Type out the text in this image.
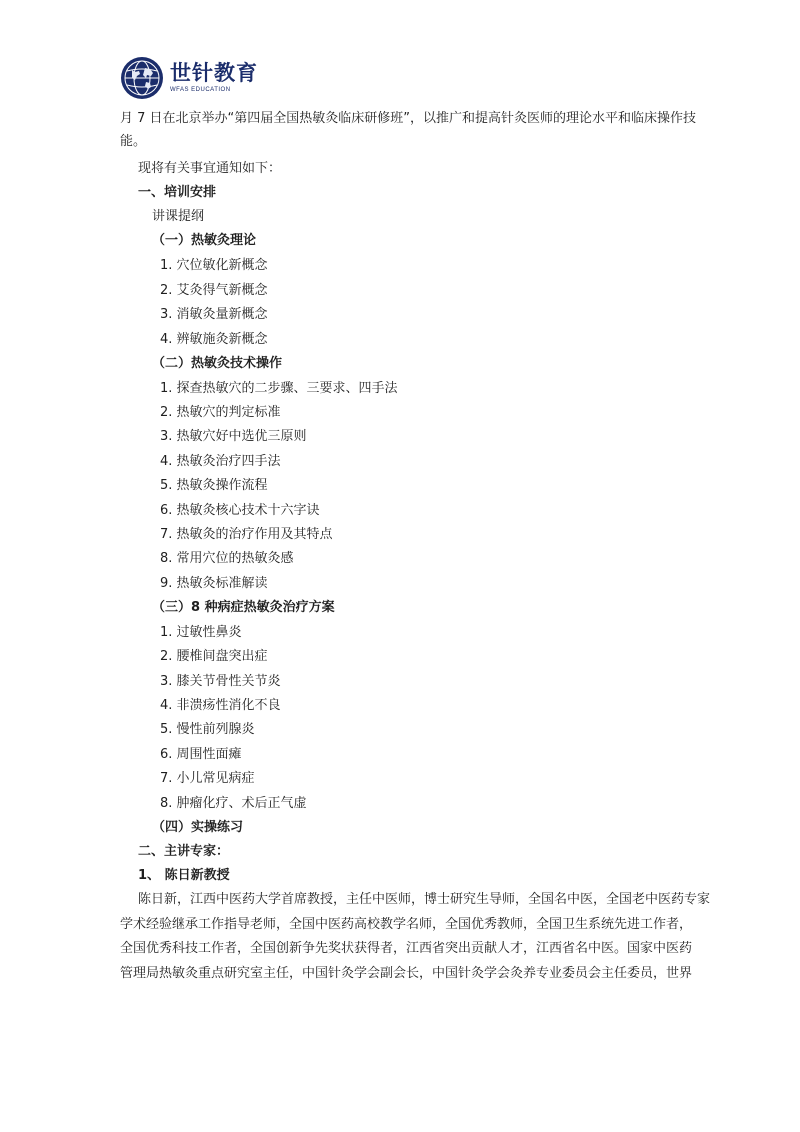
世针教育
WFAS EDUCATION
月 7 日在北京举办“第四届全国热敏灸临床研修班”，以推广和提高针灸医师的理论水平和临床操作技
能。
现将有关事宜通知如下：
一、培训安排
讲课提纲
（一）热敏灸理论
1. 穴位敏化新概念
2. 艾灸得气新概念
3. 消敏灸量新概念
4. 辨敏施灸新概念
（二）热敏灸技术操作
1. 探查热敏穴的二步骤、三要求、四手法
2. 热敏穴的判定标准
3. 热敏穴好中选优三原则
4. 热敏灸治疗四手法
5. 热敏灸操作流程
6. 热敏灸核心技术十六字诀
7. 热敏灸的治疗作用及其特点
8. 常用穴位的热敏灸感
9. 热敏灸标准解读
（三）8 种病症热敏灸治疗方案
1. 过敏性鼻炎
2. 腰椎间盘突出症
3. 膝关节骨性关节炎
4. 非溃疡性消化不良
5. 慢性前列腺炎
6. 周围性面瘫
7. 小儿常见病症
8. 肿瘤化疗、术后正气虚
（四）实操练习
二、主讲专家：
1、 陈日新教授
陈日新，江西中医药大学首席教授，主任中医师，博士研究生导师，全国名中医，全国老中医药专家
学术经验继承工作指导老师，全国中医药高校教学名师，全国优秀教师，全国卫生系统先进工作者，
全国优秀科技工作者，全国创新争先奖状获得者，江西省突出贡献人才，江西省名中医。国家中医药
管理局热敏灸重点研究室主任，中国针灸学会副会长，中国针灸学会灸养专业委员会主任委员，世界
